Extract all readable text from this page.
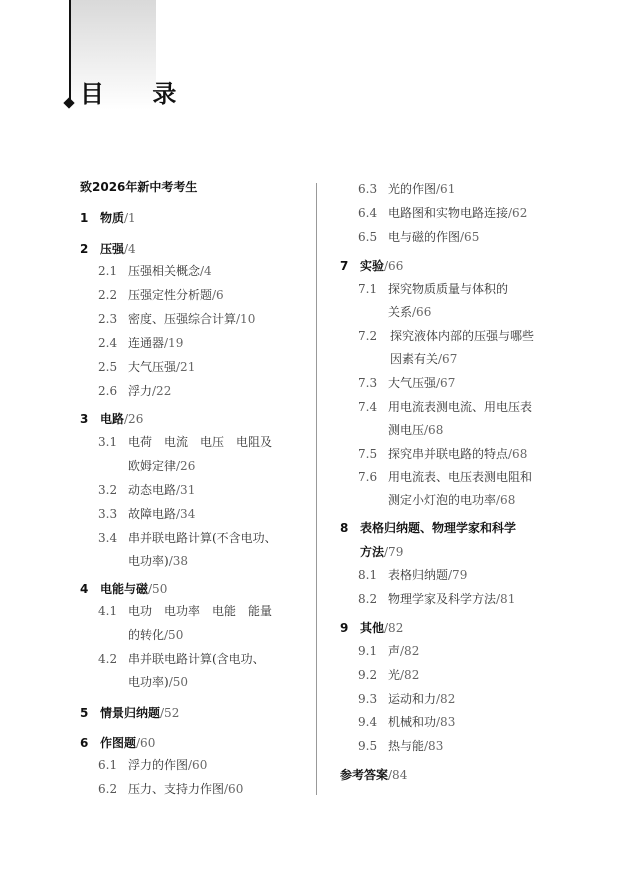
目 录
致2026年新中考考生
1 物质/1
2 压强/4
2.1 压强相关概念/4
2.2 压强定性分析题/6
2.3 密度、压强综合计算/10
2.4 连通器/19
2.5 大气压强/21
2.6 浮力/22
3 电路/26
3.1 电荷　电流　电压　电阻及
欧姆定律/26
3.2 动态电路/31
3.3 故障电路/34
3.4 串并联电路计算(不含电功、
电功率)/38
4 电能与磁/50
4.1 电功　电功率　电能　能量
的转化/50
4.2 串并联电路计算(含电功、
电功率)/50
5 情景归纳题/52
6 作图题/60
6.1 浮力的作图/60
6.2 压力、支持力作图/60
6.3 光的作图/61
6.4 电路图和实物电路连接/62
6.5 电与磁的作图/65
7 实验/66
7.1 探究物质质量与体积的
关系/66
7.2 探究液体内部的压强与哪些
因素有关/67
7.3 大气压强/67
7.4 用电流表测电流、用电压表
测电压/68
7.5 探究串并联电路的特点/68
7.6 用电流表、电压表测电阻和
测定小灯泡的电功率/68
8 表格归纳题、物理学家和科学
方法/79
8.1 表格归纳题/79
8.2 物理学家及科学方法/81
9 其他/82
9.1 声/82
9.2 光/82
9.3 运动和力/82
9.4 机械和功/83
9.5 热与能/83
参考答案/84
